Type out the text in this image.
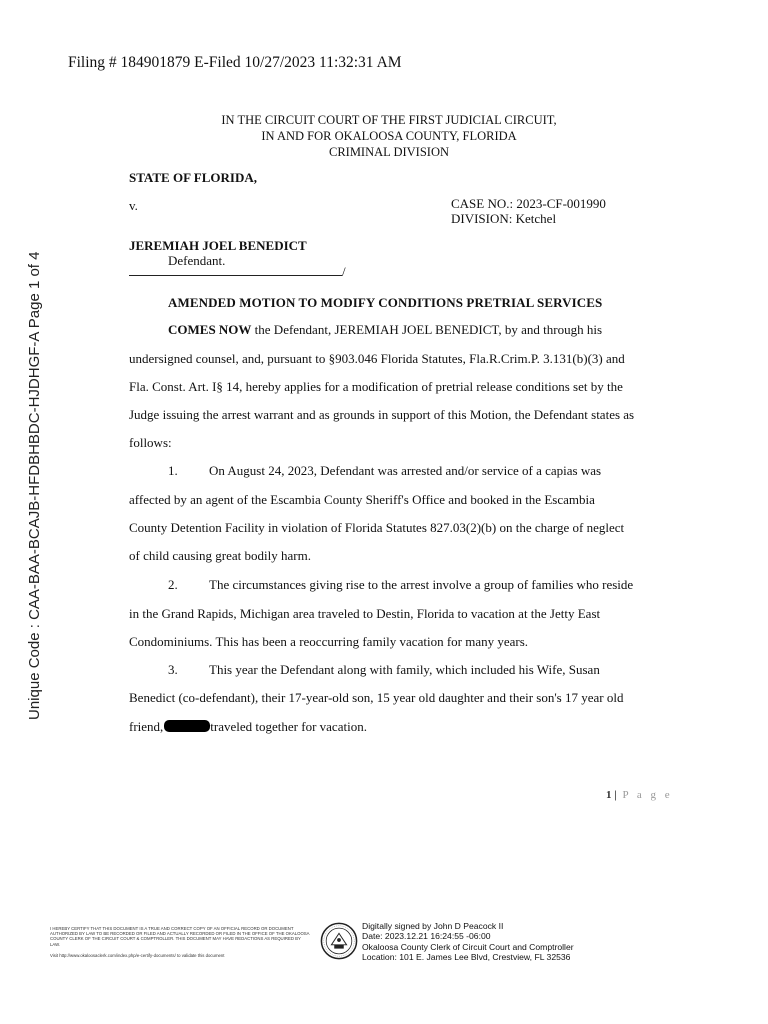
Filing # 184901879 E-Filed 10/27/2023 11:32:31 AM
IN THE CIRCUIT COURT OF THE FIRST JUDICIAL CIRCUIT,
IN AND FOR OKALOOSA COUNTY, FLORIDA
CRIMINAL DIVISION
STATE OF FLORIDA,
v.	CASE NO.: 2023-CF-001990
DIVISION: Ketchel
JEREMIAH JOEL BENEDICT
Defendant.
/
AMENDED MOTION TO MODIFY CONDITIONS PRETRIAL SERVICES
COMES NOW the Defendant, JEREMIAH JOEL BENEDICT, by and through his
undersigned counsel, and, pursuant to §903.046 Florida Statutes, Fla.R.Crim.P. 3.131(b)(3) and
Fla. Const. Art. I§ 14, hereby applies for a modification of pretrial release conditions set by the
Judge issuing the arrest warrant and as grounds in support of this Motion, the Defendant states as
follows:
1. On August 24, 2023, Defendant was arrested and/or service of a capias was
affected by an agent of the Escambia County Sheriff's Office and booked in the Escambia
County Detention Facility in violation of Florida Statutes 827.03(2)(b) on the charge of neglect
of child causing great bodily harm.
2. The circumstances giving rise to the arrest involve a group of families who reside
in the Grand Rapids, Michigan area traveled to Destin, Florida to vacation at the Jetty East
Condominiums. This has been a reoccurring family vacation for many years.
3. This year the Defendant along with family, which included his Wife, Susan
Benedict (co-defendant), their 17-year-old son, 15 year old daughter and their son's 17 year old
friend,	traveled together for vacation.
Unique Code : CAA-BAA-BCAJB-HFDBHBDC-HJDHGF-A Page 1 of 4
1 | P a g e
I HEREBY CERTIFY THAT THIS DOCUMENT IS A TRUE AND CORRECT COPY OF AN OFFICIAL RECORD OR DOCUMENT AUTHORIZED BY LAW TO BE RECORDED OR FILED AND ACTUALLY RECORDED OR FILED IN THE OFFICE OF THE OKALOOSA COUNTY CLERK OF THE CIRCUIT COURT & COMPTROLLER. THIS DOCUMENT MAY HAVE REDACTIONS AS REQUIRED BY LAW.
Visit http://www.okaloosaclerk.com/index.php/e-certify-documents/ to validate this document
Digitally signed by John D Peacock II
Date: 2023.12.21 16:24:55 -06:00
Okaloosa County Clerk of Circuit Court and Comptroller
Location: 101 E. James Lee Blvd, Crestview, FL 32536
